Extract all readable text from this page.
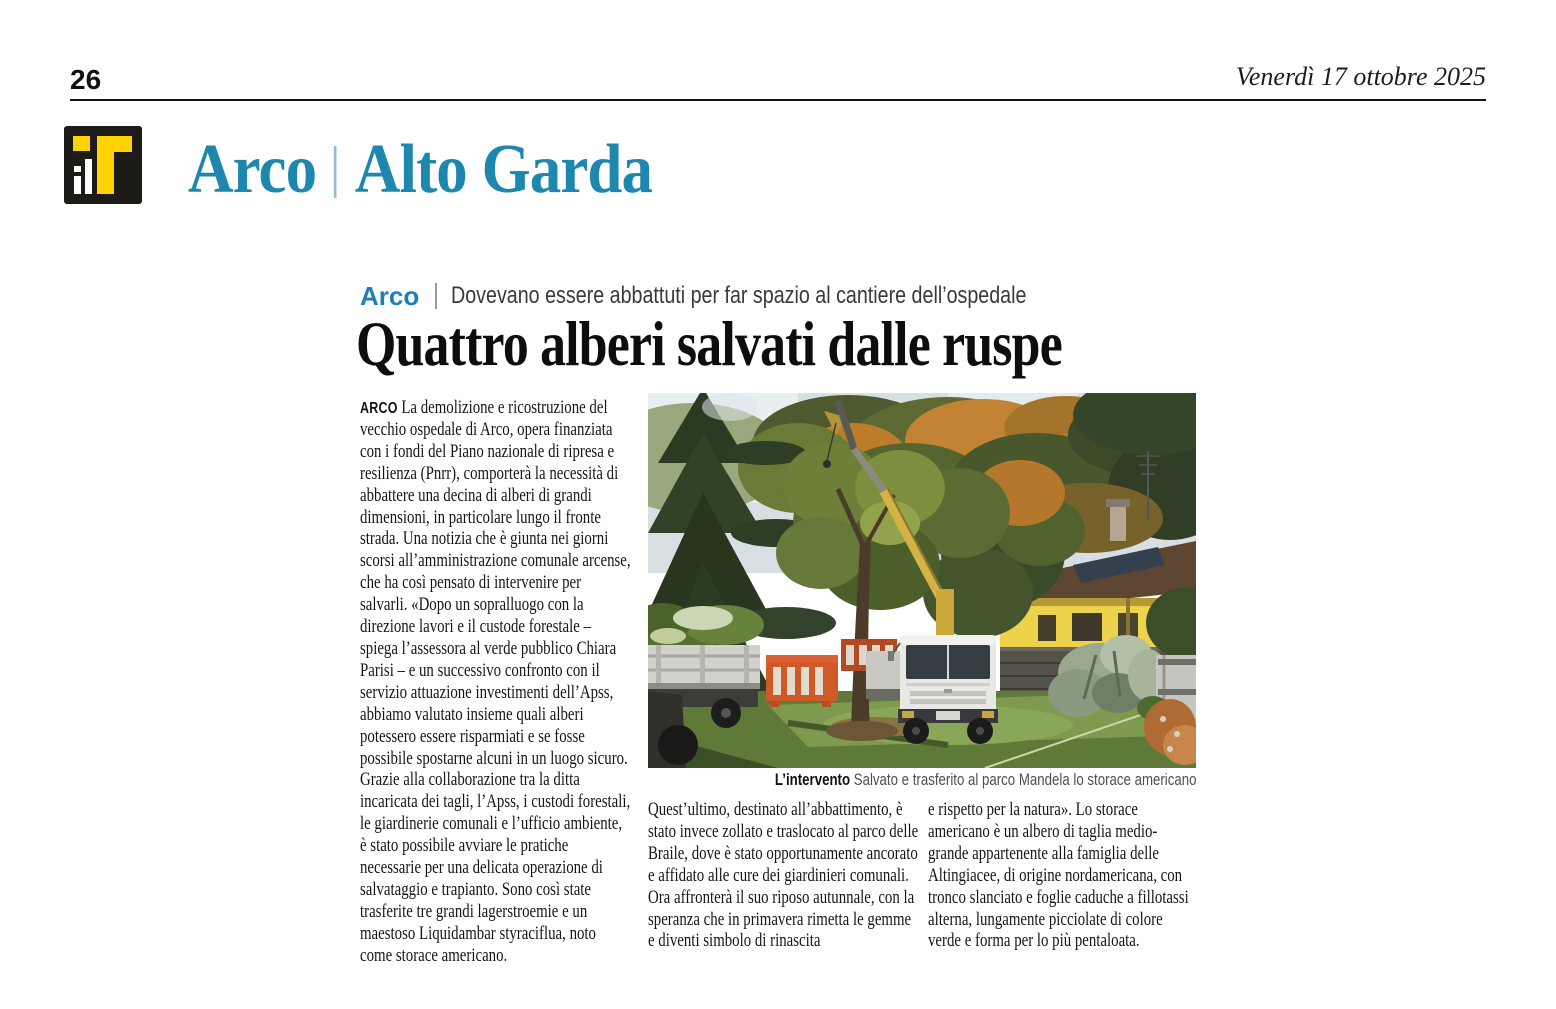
26	Venerdì 17 ottobre 2025
Arco Alto Garda
Arco Dovevano essere abbattuti per far spazio al cantiere dell’ospedale
Quattro alberi salvati dalle ruspe

ARCO La demolizione e ricostruzione del vecchio ospedale di Arco, opera finanziata con i fondi del Piano nazionale di ripresa e resilienza (Pnrr), comporterà la necessità di abbattere una decina di alberi di grandi dimensioni, in particolare lungo il fronte strada. Una notizia che è giunta nei giorni scorsi all’amministrazione comunale arcense, che ha così pensato di intervenire per salvarli. «Dopo un sopralluogo con la direzione lavori e il custode forestale – spiega l’assessora al verde pubblico Chiara Parisi – e un successivo confronto con il servizio attuazione investimenti dell’Apss, abbiamo valutato insieme quali alberi potessero essere risparmiati e se fosse possibile spostarne alcuni in un luogo sicuro. Grazie alla collaborazione tra la ditta incaricata dei tagli, l’Apss, i custodi forestali, le giardinerie comunali e l’ufficio ambiente, è stato possibile avviare le pratiche necessarie per una delicata operazione di salvataggio e trapianto. Sono così state trasferite tre grandi lagerstroemie e un maestoso Liquidambar styraciflua, noto come storace americano.

Quest’ultimo, destinato all’abbattimento, è stato invece zollato e traslocato al parco delle Braile, dove è stato opportunamente ancorato e affidato alle cure dei giardinieri comunali. Ora affronterà il suo riposo autunnale, con la speranza che in primavera rimetta le gemme e diventi simbolo di rinascita

e rispetto per la natura». Lo storace americano è un albero di taglia medio-grande appartenente alla famiglia delle Altingiacee, di origine nordamericana, con tronco slanciato e foglie caduche a fillotassi alterna, lungamente picciolate di colore verde e forma per lo più pentaloata.

L’intervento Salvato e trasferito al parco Mandela lo storace americano
